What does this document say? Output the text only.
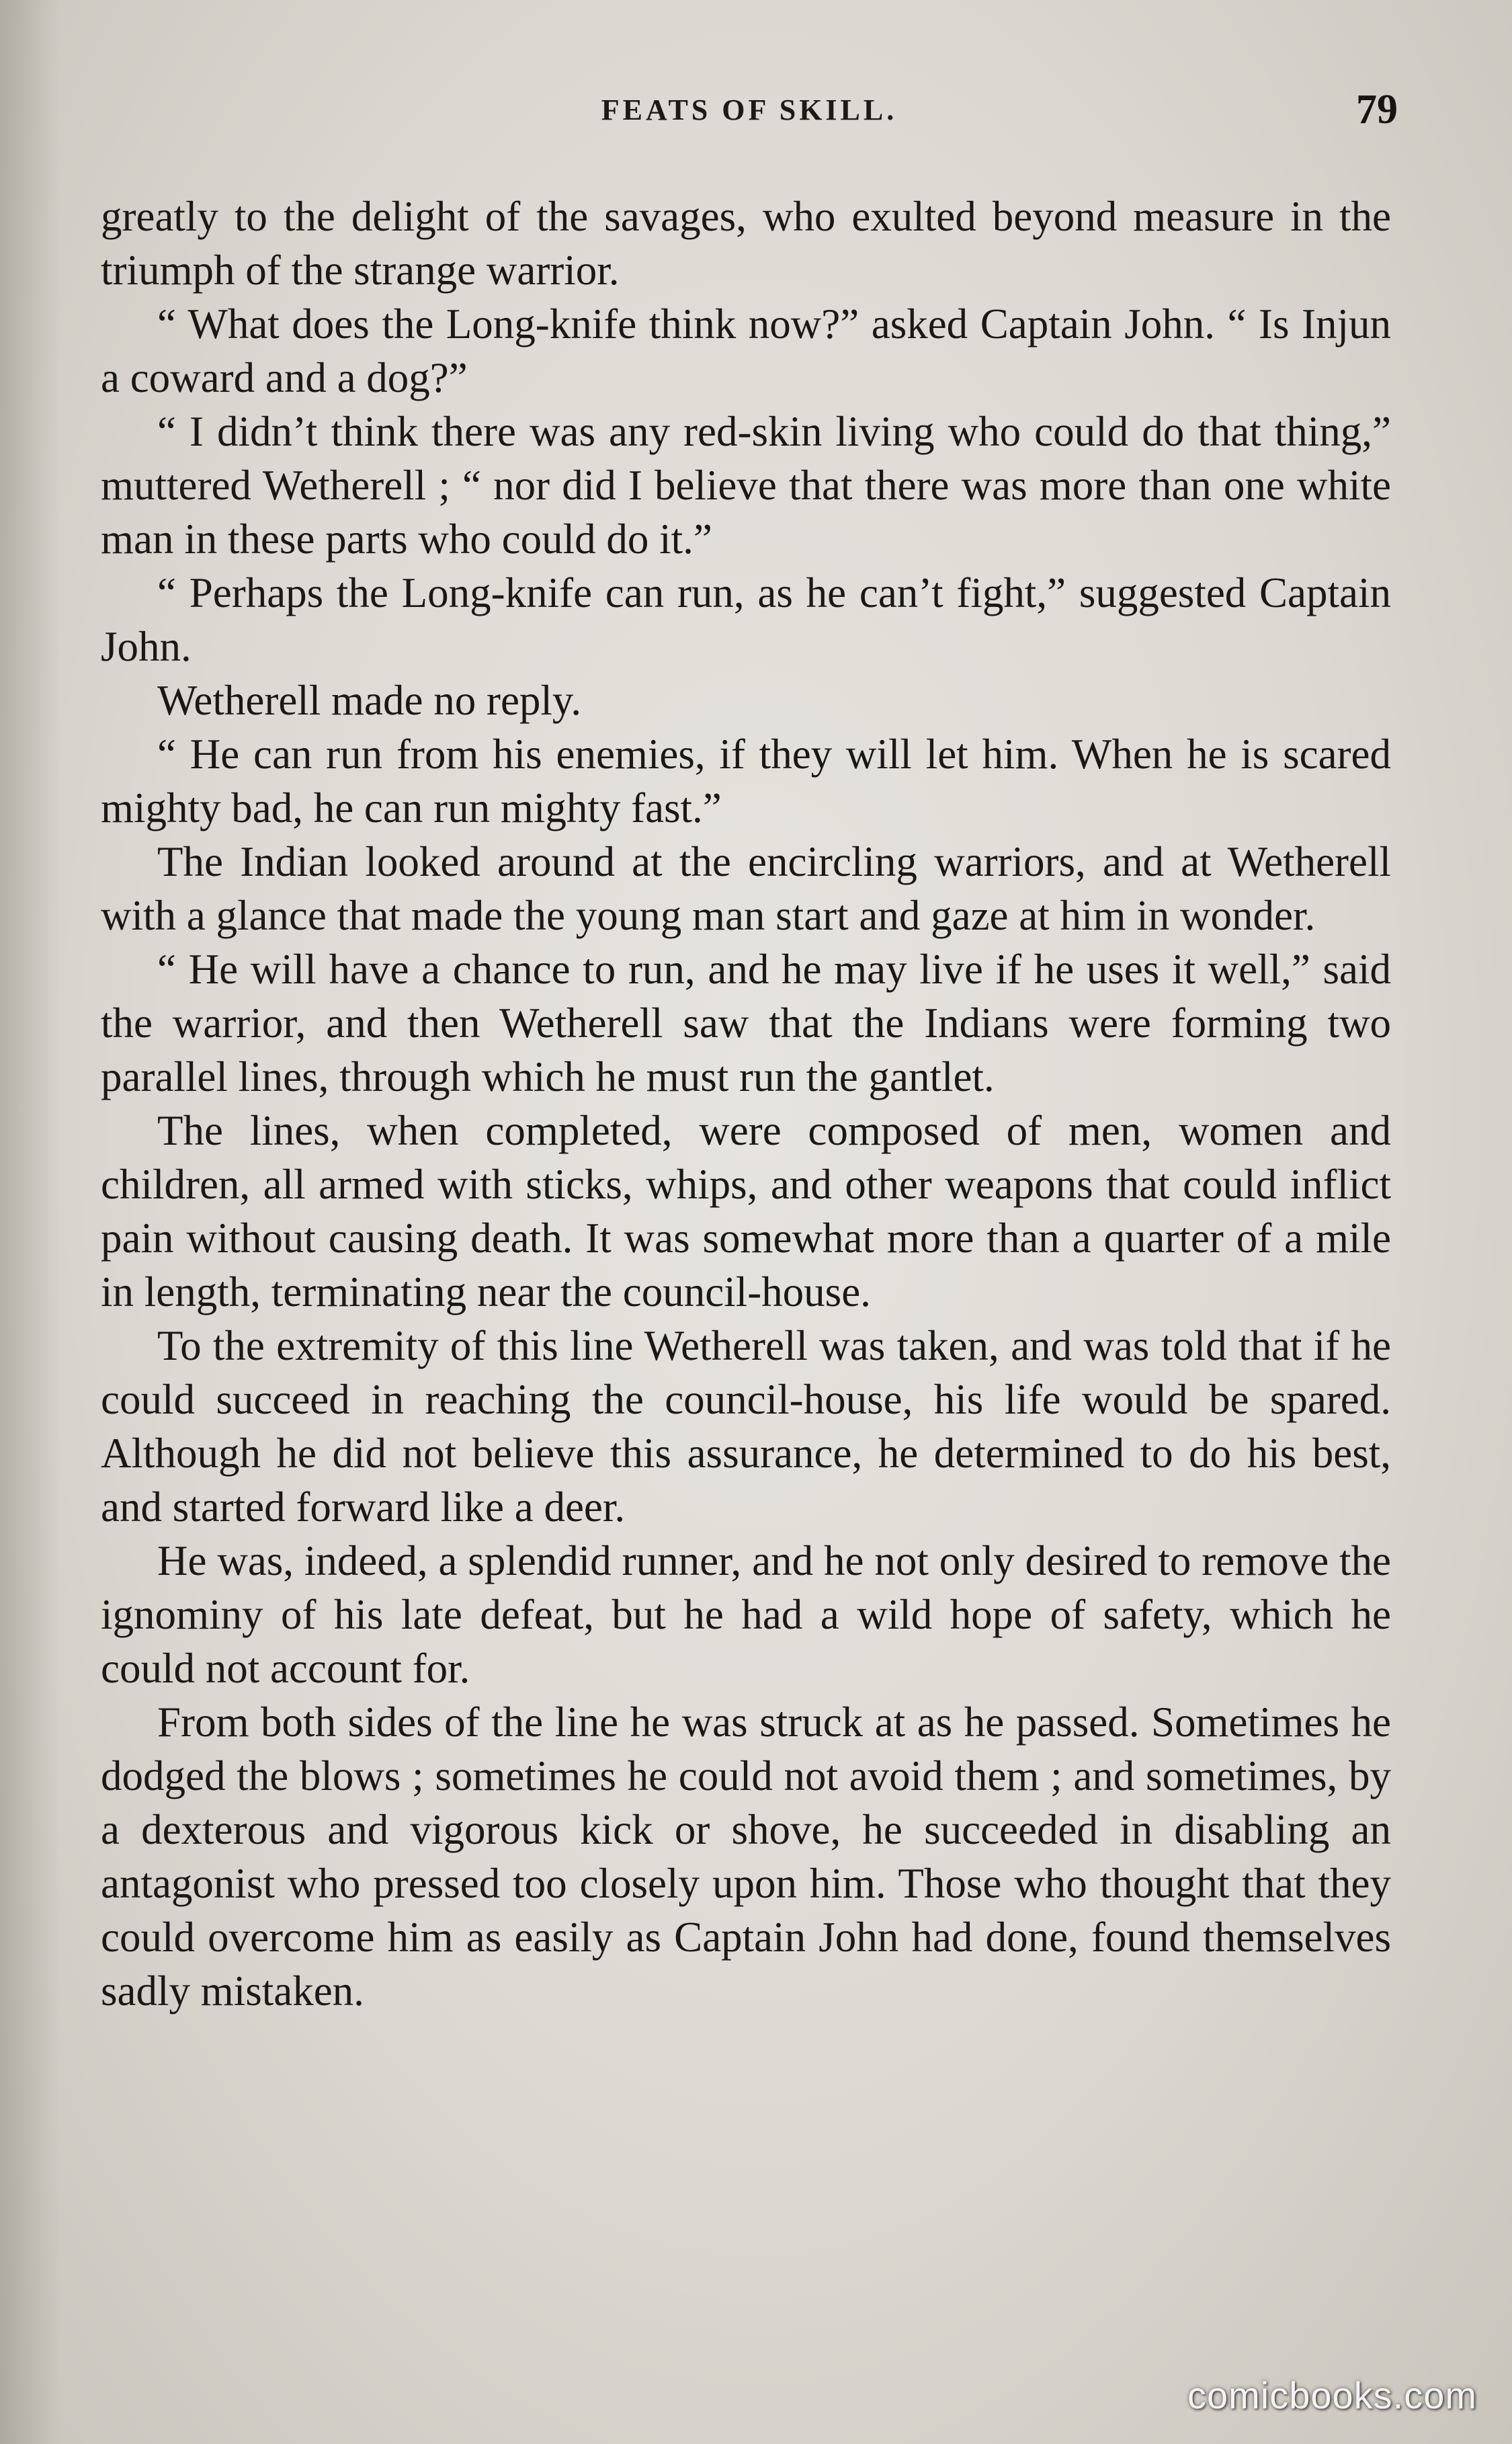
FEATS OF SKILL.	79

greatly to the delight of the savages, who exulted beyond measure in the triumph of the strange warrior.

“ What does the Long-knife think now?” asked Captain John. “ Is Injun a coward and a dog?”

“ I didn’t think there was any red-skin living who could do that thing,” muttered Wetherell ; “ nor did I believe that there was more than one white man in these parts who could do it.”

“ Perhaps the Long-knife can run, as he can’t fight,” suggested Captain John.

Wetherell made no reply.

“ He can run from his enemies, if they will let him. When he is scared mighty bad, he can run mighty fast.”

The Indian looked around at the encircling warriors, and at Wetherell with a glance that made the young man start and gaze at him in wonder.

“ He will have a chance to run, and he may live if he uses it well,” said the warrior, and then Wetherell saw that the Indians were forming two parallel lines, through which he must run the gantlet.

The lines, when completed, were composed of men, women and children, all armed with sticks, whips, and other weapons that could inflict pain without causing death. It was somewhat more than a quarter of a mile in length, terminating near the council-house.

To the extremity of this line Wetherell was taken, and was told that if he could succeed in reaching the council-house, his life would be spared. Although he did not believe this assurance, he determined to do his best, and started forward like a deer.

He was, indeed, a splendid runner, and he not only desired to remove the ignominy of his late defeat, but he had a wild hope of safety, which he could not account for.

From both sides of the line he was struck at as he passed. Sometimes he dodged the blows ; sometimes he could not avoid them ; and sometimes, by a dexterous and vigorous kick or shove, he succeeded in disabling an antagonist who pressed too closely upon him. Those who thought that they could overcome him as easily as Captain John had done, found themselves sadly mistaken.

comicbooks.com
